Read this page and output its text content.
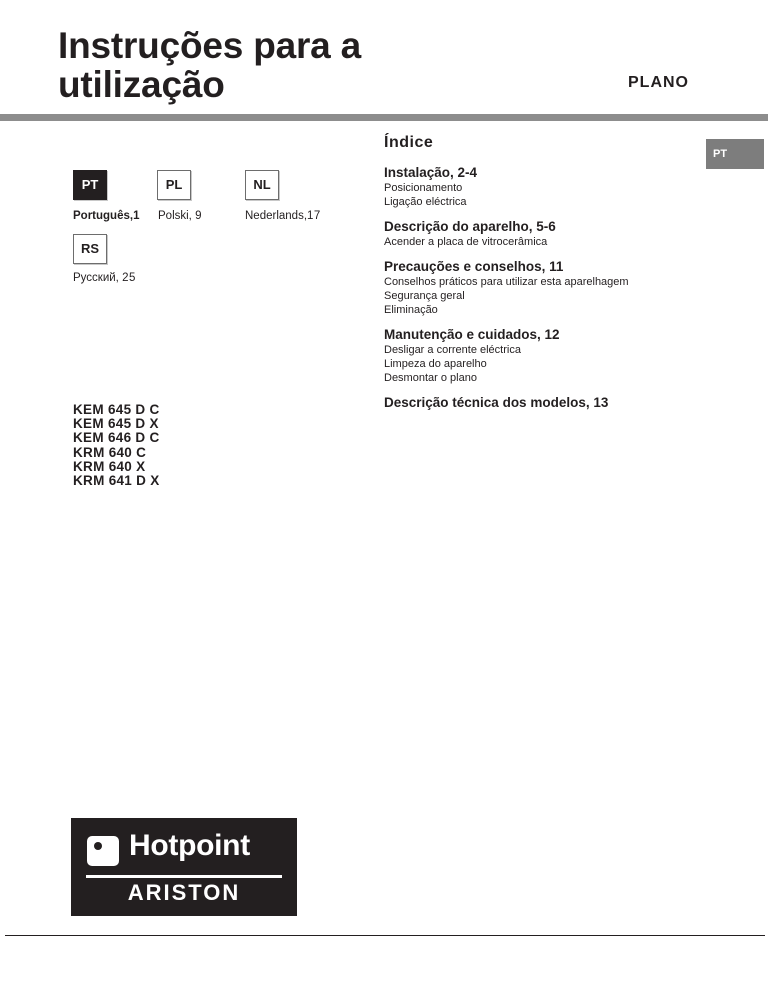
Instruções para a
utilização	PLANO
PT	PL	NL
RS
Português,1 Polski, 9	Nederlands,17
Русский, 25
PT
Índice
Instalação, 2-4
Posicionamento
Ligação eléctrica
Descrição do aparelho, 5-6
Acender a placa de vitrocerâmica
Precauções e conselhos, 11
Conselhos práticos para utilizar esta aparelhagem
Segurança geral
Eliminação
Manutenção e cuidados, 12
Desligar a corrente eléctrica
Limpeza do aparelho
Desmontar o plano
Descrição técnica dos modelos, 13
KEM 645 D C
KEM 645 D X
KEM 646 D C
KRM 640 C
KRM 640 X
KRM 641 D X
Hotpoint
ARISTON
